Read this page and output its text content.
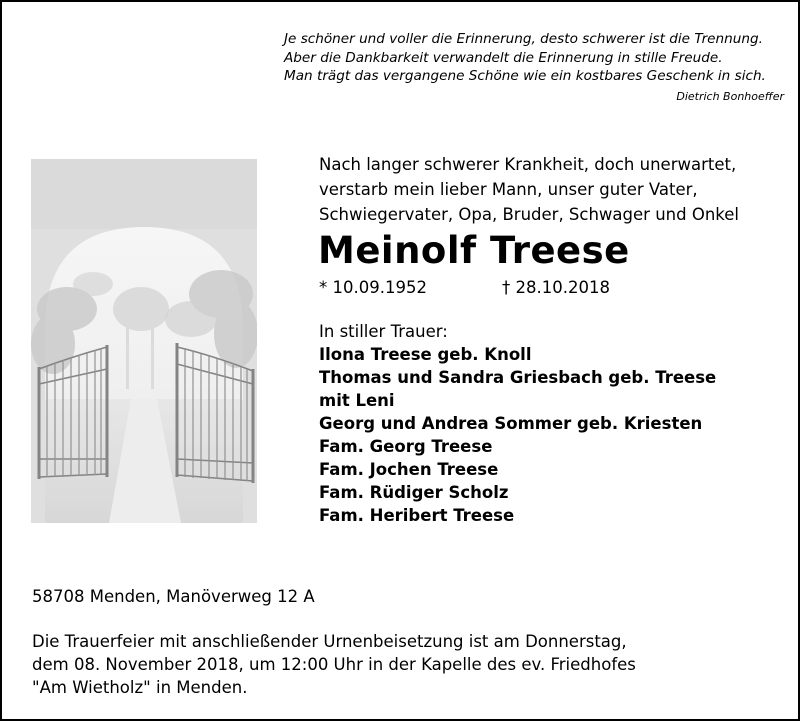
Je schöner und voller die Erinnerung, desto schwerer ist die Trennung.
Aber die Dankbarkeit verwandelt die Erinnerung in stille Freude.
Man trägt das vergangene Schöne wie ein kostbares Geschenk in sich.
Dietrich Bonhoeffer
Nach langer schwerer Krankheit, doch unerwartet,
verstarb mein lieber Mann, unser guter Vater,
Schwiegervater, Opa, Bruder, Schwager und Onkel
Meinolf Treese
* 10.09.1952	† 28.10.2018
In stiller Trauer:
Ilona Treese geb. Knoll
Thomas und Sandra Griesbach geb. Treese
mit Leni
Georg und Andrea Sommer geb. Kriesten
Fam. Georg Treese
Fam. Jochen Treese
Fam. Rüdiger Scholz
Fam. Heribert Treese
58708 Menden, Manöverweg 12 A
Die Trauerfeier mit anschließender Urnenbeisetzung ist am Donnerstag,
dem 08. November 2018, um 12:00 Uhr in der Kapelle des ev. Friedhofes
"Am Wietholz" in Menden.
